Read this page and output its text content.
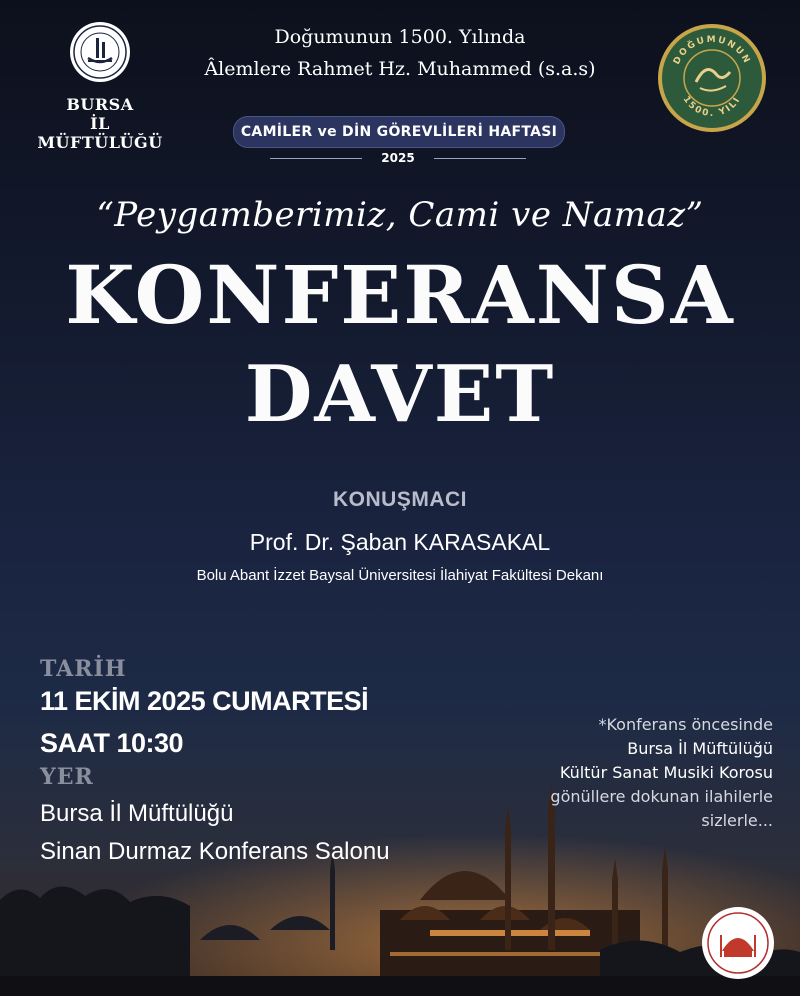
BURSA
İL MÜFTÜLÜĞÜ
Doğumunun 1500. Yılında
Âlemlere Rahmet Hz. Muhammed (s.a.s)	DOĞUMUNUN
1500. YILI
CAMİLER ve DİN GÖREVLİLERİ HAFTASI
2025
“Peygamberimiz, Cami ve Namaz”
KONFERANSA
DAVET
KONUŞMACI
Prof. Dr. Şaban KARASAKAL
Bolu Abant İzzet Baysal Üniversitesi İlahiyat Fakültesi Dekanı
TARİH
11 EKİM 2025 CUMARTESİ
SAAT 10:30
YER
Bursa İl Müftülüğü
Sinan Durmaz Konferans Salonu
*Konferans öncesinde
Bursa İl Müftülüğü
Kültür Sanat Musiki Korosu
gönüllere dokunan ilahilerle
sizlerle...
